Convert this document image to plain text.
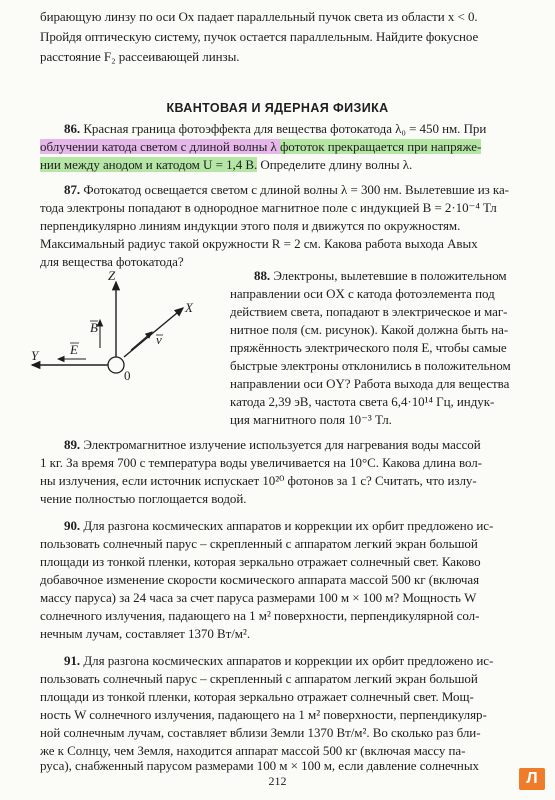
бирающую линзу по оси Ox падает параллельный пучок света из области x < 0.
Пройдя оптическую систему, пучок остается параллельным. Найдите фокусное
расстояние F₂ рассеивающей линзы.
КВАНТОВАЯ И ЯДЕРНАЯ ФИЗИКА
86. Красная граница фотоэффекта для вещества фотокатода λ₀ = 450 нм. При
облучении катода светом с длиной волны λ фототок прекращается при напряже-
нии между анодом и катодом U = 1,4 В. Определите длину волны λ.
87. Фотокатод освещается светом с длиной волны λ = 300 нм. Вылетевшие из ка-
тода электроны попадают в однородное магнитное поле с индукцией B = 2·10⁻⁴ Тл
перпендикулярно линиям индукции этого поля и движутся по окружностям.
Максимальный радиус такой окружности R = 2 см. Какова работа выхода Aвых
для вещества фотокатода?
Z
X
Y
0
B
E
v
88. Электроны, вылетевшие в положительном
направлении оси OX с катода фотоэлемента под
действием света, попадают в электрическое и маг-
нитное поля (см. рисунок). Какой должна быть на-
пряжённость электрического поля E, чтобы самые
быстрые электроны отклонились в положительном
направлении оси OY? Работа выхода для вещества
катода 2,39 эВ, частота света 6,4·10¹⁴ Гц, индук-
ция магнитного поля 10⁻³ Тл.
89. Электромагнитное излучение используется для нагревания воды массой
1 кг. За время 700 с температура воды увеличивается на 10°C. Какова длина вол-
ны излучения, если источник испускает 10²⁰ фотонов за 1 с? Считать, что излу-
чение полностью поглощается водой.
90. Для разгона космических аппаратов и коррекции их орбит предложено ис-
пользовать солнечный парус – скрепленный с аппаратом легкий экран большой
площади из тонкой пленки, которая зеркально отражает солнечный свет. Каково
добавочное изменение скорости космического аппарата массой 500 кг (включая
массу паруса) за 24 часа за счет паруса размерами 100 м × 100 м? Мощность W
солнечного излучения, падающего на 1 м² поверхности, перпендикулярной сол-
нечным лучам, составляет 1370 Вт/м².
91. Для разгона космических аппаратов и коррекции их орбит предложено ис-
пользовать солнечный парус – скрепленный с аппаратом легкий экран большой
площади из тонкой пленки, которая зеркально отражает солнечный свет. Мощ-
ность W солнечного излучения, падающего на 1 м² поверхности, перпендикуляр-
ной солнечным лучам, составляет вблизи Земли 1370 Вт/м². Во сколько раз бли-
же к Солнцу, чем Земля, находится аппарат массой 500 кг (включая массу па-
руса), снабженный парусом размерами 100 м × 100 м, если давление солнечных
212	Л
